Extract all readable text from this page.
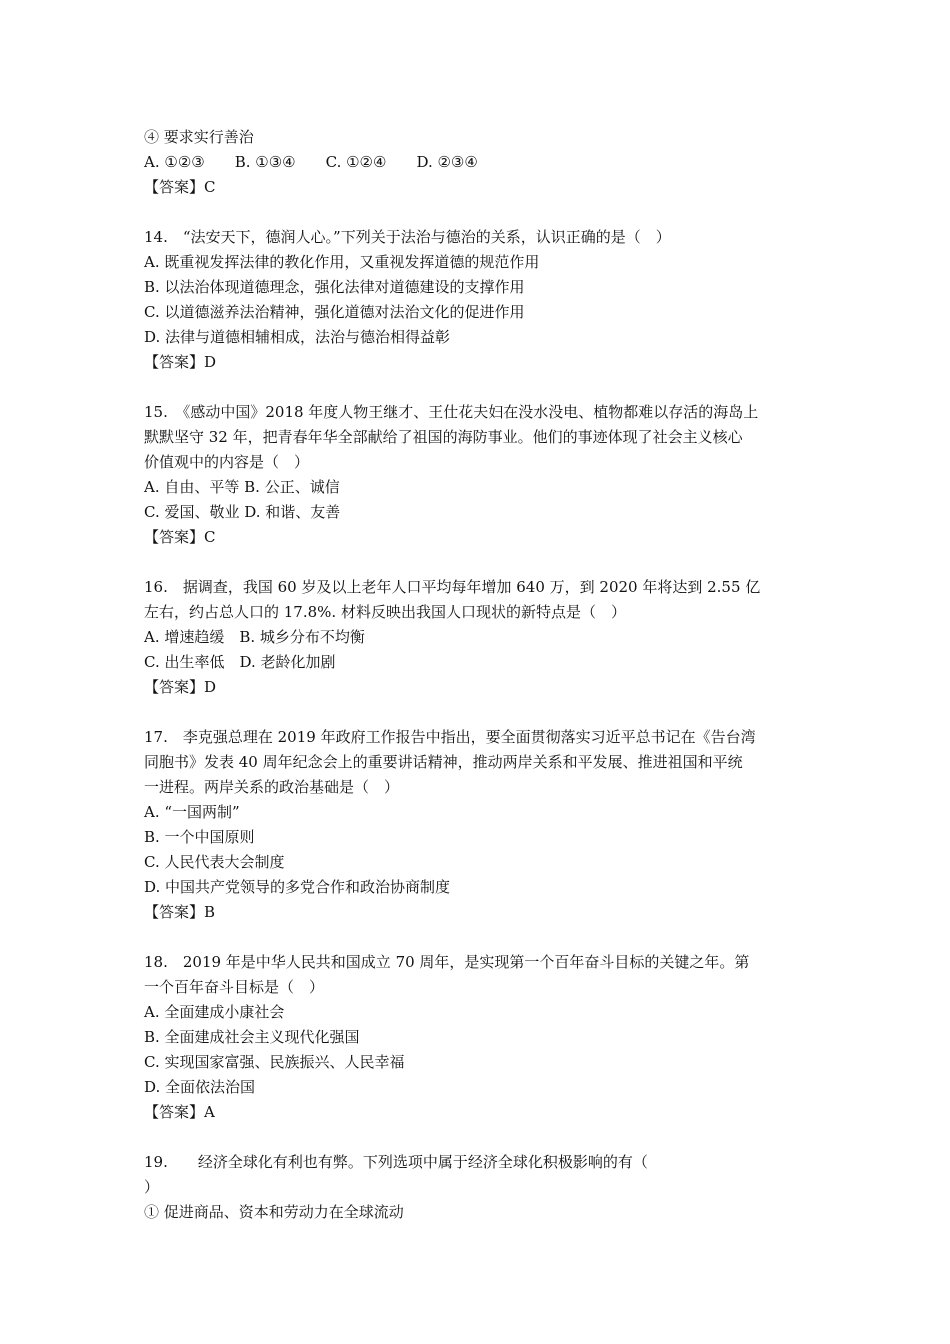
④ 要求实行善治
A. ①②③ B. ①③④ C. ①②④ D. ②③④
【答案】C
14.　“法安天下，德润人心。”下列关于法治与德治的关系，认识正确的是（　）
A. 既重视发挥法律的教化作用，又重视发挥道德的规范作用
B. 以法治体现道德理念，强化法律对道德建设的支撑作用
C. 以道德滋养法治精神，强化道德对法治文化的促进作用
D. 法律与道德相辅相成，法治与德治相得益彰
【答案】D
15.　《感动中国》2018 年度人物王继才、王仕花夫妇在没水没电、植物都难以存活的海岛上
默默坚守 32 年，把青春年华全部献给了祖国的海防事业。他们的事迹体现了社会主义核心
价值观中的内容是（　）
A. 自由、平等 B. 公正、诚信
C. 爱国、敬业 D. 和谐、友善
【答案】C
16.　据调查，我国 60 岁及以上老年人口平均每年增加 640 万，到 2020 年将达到 2.55 亿
左右，约占总人口的 17.8%. 材料反映出我国人口现状的新特点是（　）
A. 增速趋缓　B. 城乡分布不均衡
C. 出生率低　D. 老龄化加剧
【答案】D
17.　李克强总理在 2019 年政府工作报告中指出，要全面贯彻落实习近平总书记在《告台湾
同胞书》发表 40 周年纪念会上的重要讲话精神，推动两岸关系和平发展、推进祖国和平统
一进程。两岸关系的政治基础是（　）
A. “一国两制”
B. 一个中国原则
C. 人民代表大会制度
D. 中国共产党领导的多党合作和政治协商制度
【答案】B
18.　2019 年是中华人民共和国成立 70 周年，是实现第一个百年奋斗目标的关键之年。第
一个百年奋斗目标是（　）
A. 全面建成小康社会
B. 全面建成社会主义现代化强国
C. 实现国家富强、民族振兴、人民幸福
D. 全面依法治国
【答案】A
19.　　经济全球化有利也有弊。下列选项中属于经济全球化积极影响的有（
）
① 促进商品、资本和劳动力在全球流动
